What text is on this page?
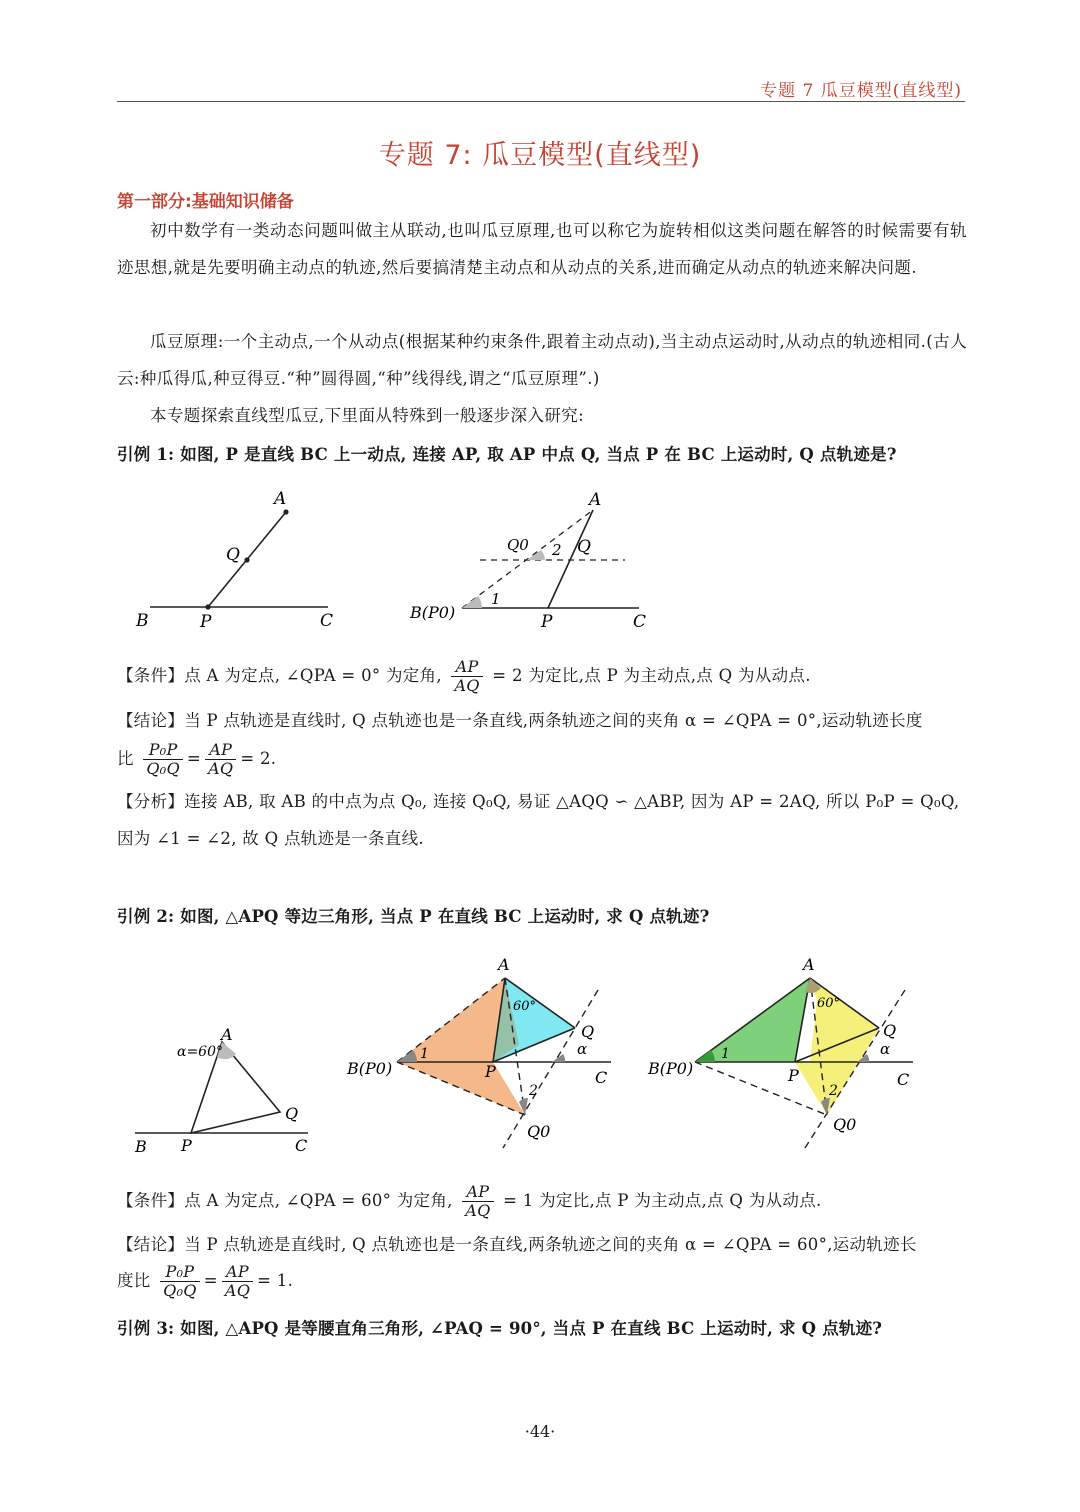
专题 7 瓜豆模型(直线型)
专题 7: 瓜豆模型(直线型)
第一部分:基础知识储备
初中数学有一类动态问题叫做主从联动,也叫瓜豆原理,也可以称它为旋转相似这类问题在解答的时候需要有轨迹思想,就是先要明确主动点的轨迹,然后要搞清楚主动点和从动点的关系,进而确定从动点的轨迹来解决问题.
瓜豆原理:一个主动点,一个从动点(根据某种约束条件,跟着主动点动),当主动点运动时,从动点的轨迹相同.(古人云:种瓜得瓜,种豆得豆.“种”圆得圆,“种”线得线,谓之“瓜豆原理”.)
本专题探索直线型瓜豆,下里面从特殊到一般逐步深入研究:
引例 1: 如图, P 是直线 BC 上一动点, 连接 AP, 取 AP 中点 Q, 当点 P 在 BC 上运动时, Q 点轨迹是?
A
Q
B	P	C
A
Q0 2 Q
B(P0)
1
P	C
【条件】点 A 为定点, ∠QPA = 0° 为定角, $\frac{AP}{AQ} = 2$ 为定比,点 P 为主动点,点 Q 为从动点.
【结论】当 P 点轨迹是直线时, Q 点轨迹也是一条直线,两条轨迹之间的夹角 α = ∠QPA = 0°,运动轨迹长度
比 $\frac{\text{P₀P}}{\text{Q₀Q}} = \frac{AP}{AQ} = 2$.
【分析】连接 AB, 取 AB 的中点为点 Q₀, 连接 Q₀Q, 易证 △AQQ ∽ △ABP, 因为 AP = 2AQ, 所以 P₀P = Q₀Q, 因为 ∠1 = ∠2, 故 Q 点轨迹是一条直线.
引例 2: 如图, △APQ 等边三角形, 当点 P 在直线 BC 上运动时, 求 Q 点轨迹?
A
α=60°
Q
B P	C
A
60°
Q
α
B(P0)
1
P	C
2
Q0
A
60°
Q
α
B(P0)
1
P	C
2
Q0
【条件】点 A 为定点, ∠QPA = 60° 为定角, $\frac{AP}{AQ} = 1$ 为定比,点 P 为主动点,点 Q 为从动点.
【结论】当 P 点轨迹是直线时, Q 点轨迹也是一条直线,两条轨迹之间的夹角 α = ∠QPA = 60°,运动轨迹长
度比 $\frac{\text{P₀P}}{\text{Q₀Q}} = \frac{AP}{AQ} = 1$.
引例 3: 如图, △APQ 是等腰直角三角形, ∠PAQ = 90°, 当点 P 在直线 BC 上运动时, 求 Q 点轨迹?
·44·
